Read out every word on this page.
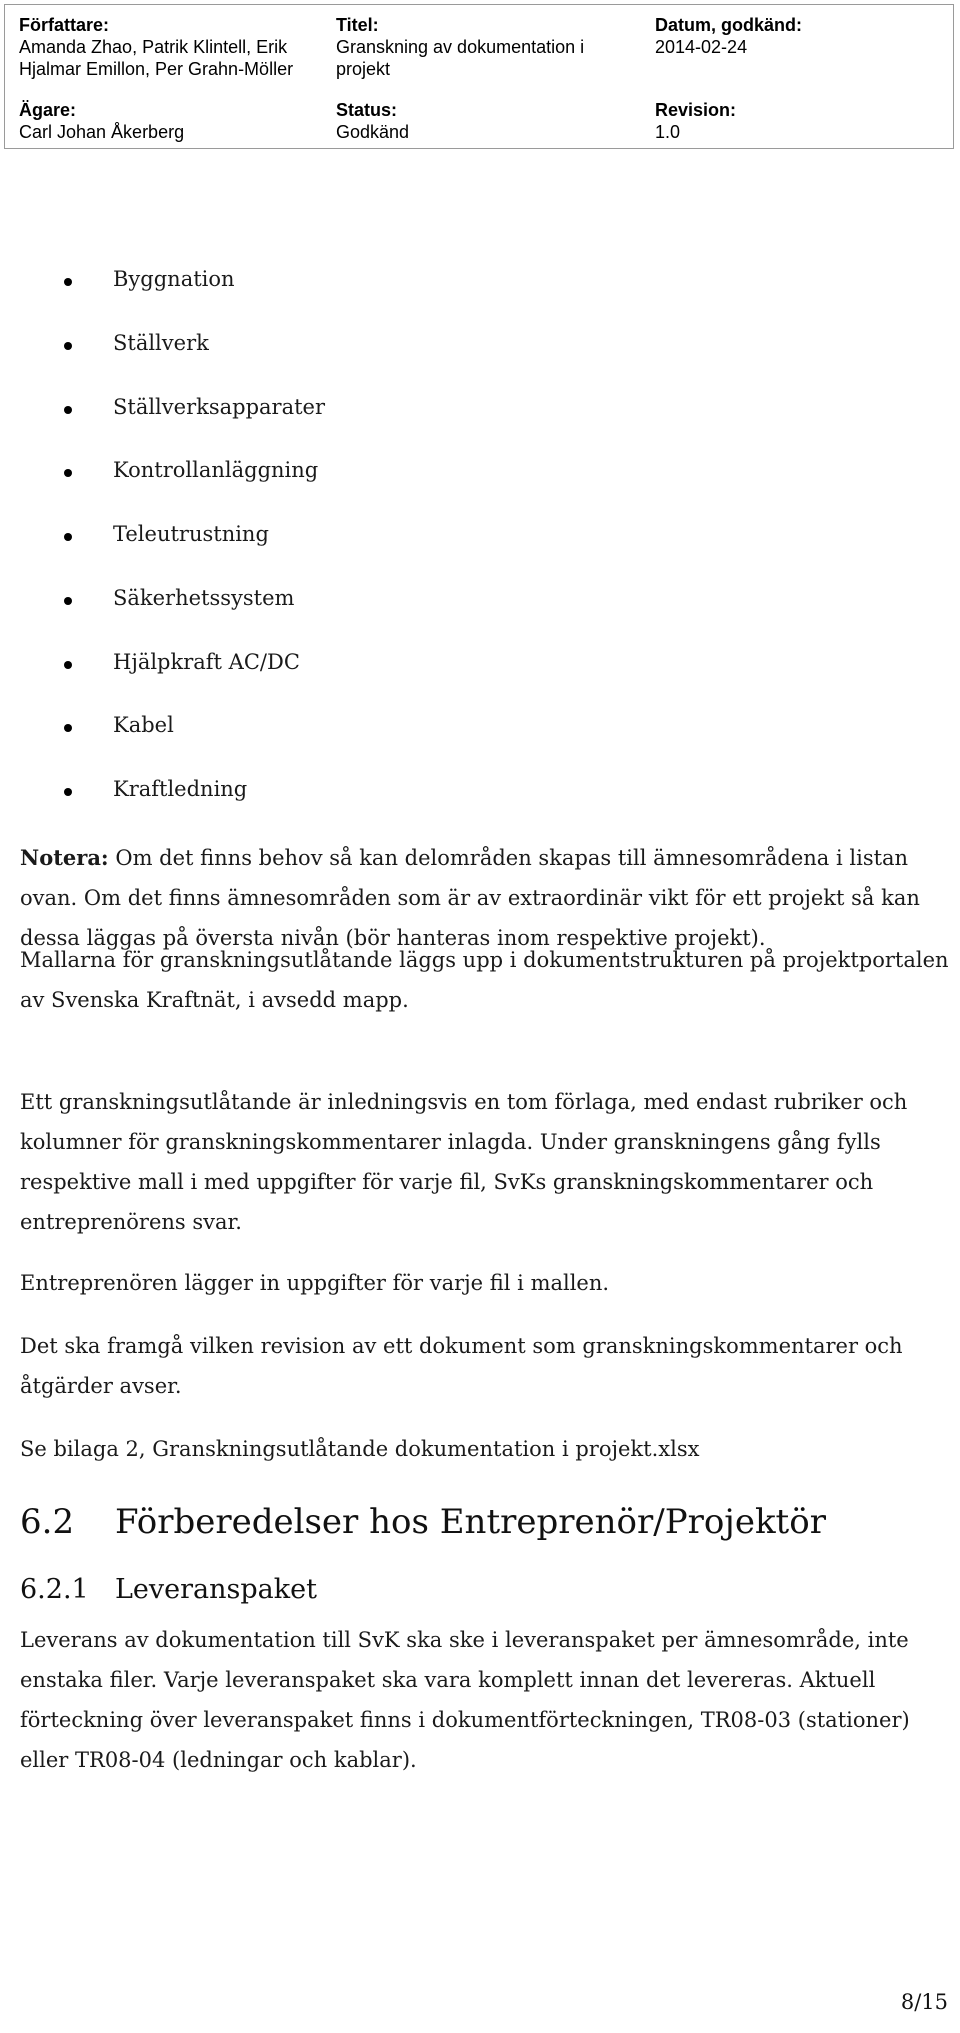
Författare:
Amanda Zhao, Patrik Klintell, Erik
Hjalmar Emillon, Per Grahn-Möller
Titel:
Granskning av dokumentation i
projekt
Datum, godkänd:
2014-02-24
Ägare:
Carl Johan Åkerberg
Status:
Godkänd
Revision:
1.0
Byggnation
Ställverk
Ställverksapparater
Kontrollanläggning
Teleutrustning
Säkerhetssystem
Hjälpkraft AC/DC
Kabel
Kraftledning

Notera: Om det finns behov så kan delområden skapas till ämnesområdena i listan
ovan. Om det finns ämnesområden som är av extraordinär vikt för ett projekt så kan
dessa läggas på översta nivån (bör hanteras inom respektive projekt).

Mallarna för granskningsutlåtande läggs upp i dokumentstrukturen på projektportalen
av Svenska Kraftnät, i avsedd mapp.

Ett granskningsutlåtande är inledningsvis en tom förlaga, med endast rubriker och
kolumner för granskningskommentarer inlagda. Under granskningens gång fylls
respektive mall i med uppgifter för varje fil, SvKs granskningskommentarer och
entreprenörens svar.

Entreprenören lägger in uppgifter för varje fil i mallen.

Det ska framgå vilken revision av ett dokument som granskningskommentarer och
åtgärder avser.

Se bilaga 2, Granskningsutlåtande dokumentation i projekt.xlsx

6.2 Förberedelser hos Entreprenör/Projektör
6.2.1 Leveranspaket

Leverans av dokumentation till SvK ska ske i leveranspaket per ämnesområde, inte
enstaka filer. Varje leveranspaket ska vara komplett innan det levereras. Aktuell
förteckning över leveranspaket finns i dokumentförteckningen, TR08-03 (stationer)
eller TR08-04 (ledningar och kablar).

8/15
